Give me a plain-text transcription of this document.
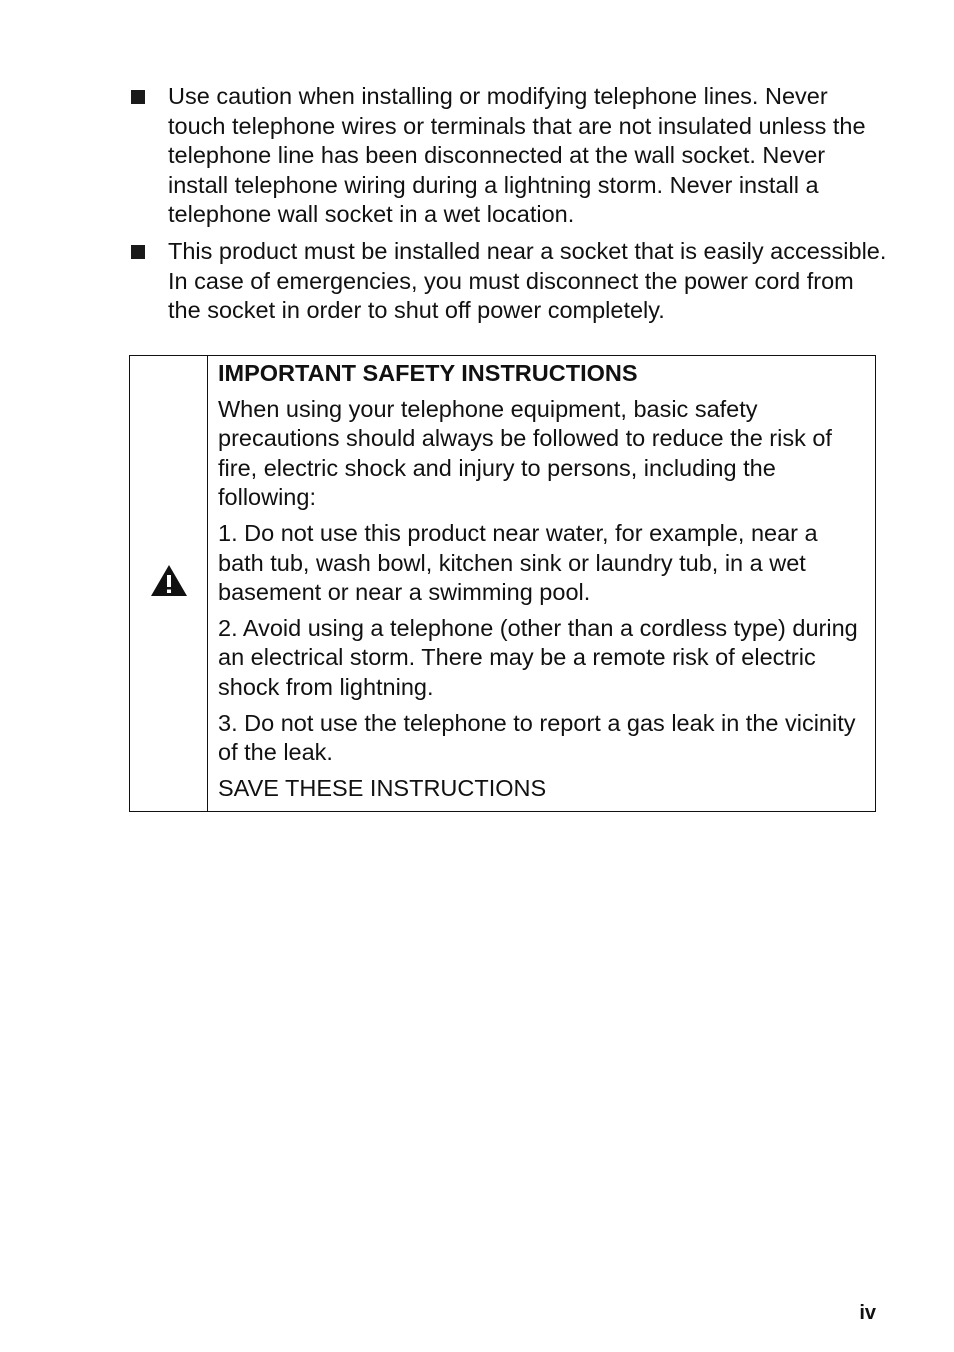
Use caution when installing or modifying telephone lines. Never touch telephone wires or terminals that are not insulated unless the telephone line has been disconnected at the wall socket. Never install telephone wiring during a lightning storm. Never install a telephone wall socket in a wet location.
This product must be installed near a socket that is easily accessible. In case of emergencies, you must disconnect the power cord from the socket in order to shut off power completely.

IMPORTANT SAFETY INSTRUCTIONS

When using your telephone equipment, basic safety precautions should always be followed to reduce the risk of fire, electric shock and injury to persons, including the following:

1. Do not use this product near water, for example, near a bath tub, wash bowl, kitchen sink or laundry tub, in a wet basement or near a swimming pool.

2. Avoid using a telephone (other than a cordless type) during an electrical storm. There may be a remote risk of electric shock from lightning.

3. Do not use the telephone to report a gas leak in the vicinity of the leak.

SAVE THESE INSTRUCTIONS

iv
